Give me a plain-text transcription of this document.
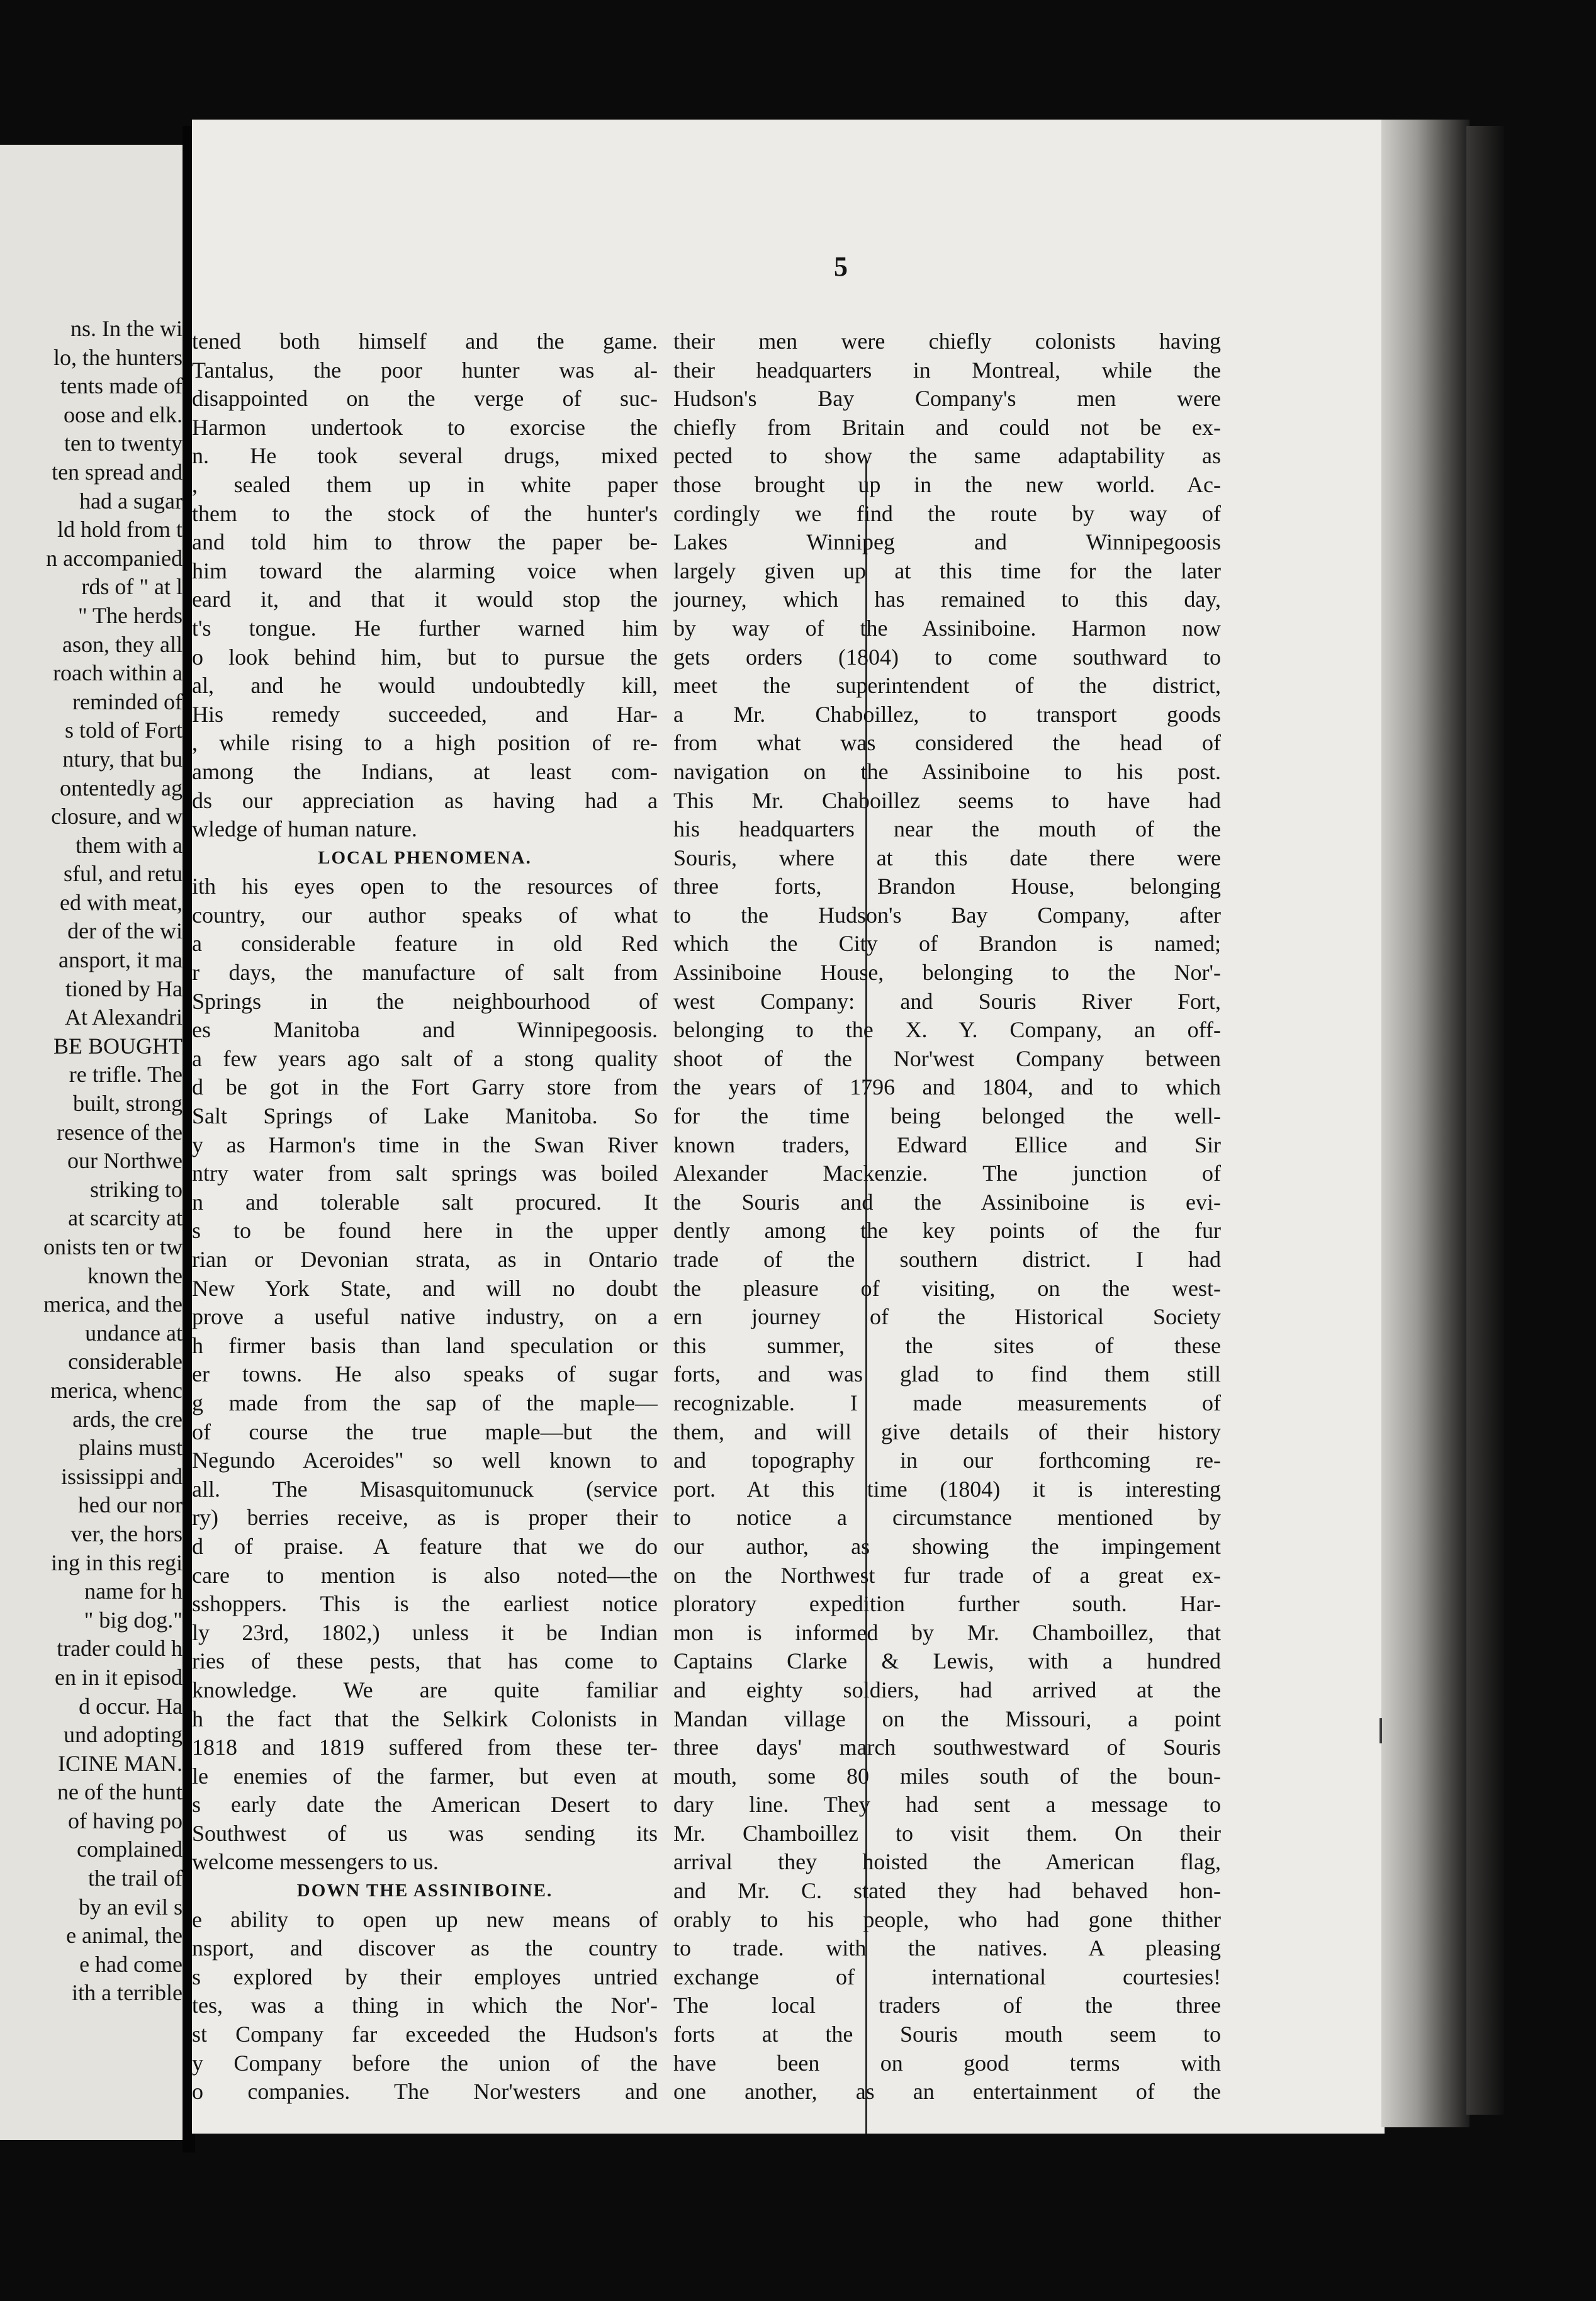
ns. In the wi
lo, the hunters
tents made of
oose and elk.
ten to twenty
ten spread and
had a sugar
ld hold from t
n accompanied
rds of " at l
" The herds
ason, they all
roach within a
reminded of
s told of Fort
ntury, that bu
ontentedly ag
closure, and w
them with a
sful, and retu
ed with meat,
der of the wi
ansport, it ma
tioned by Ha
At Alexandri
BE BOUGHT
re trifle. The
built, strong
resence of the
our Northwe
striking to
at scarcity at
onists ten or tw
known the
merica, and the
undance at
considerable
merica, whenc
ards, the cre
plains must
ississippi and
hed our nor
ver, the hors
ing in this regi
name for h
" big dog."
trader could h
en in it episod
d occur. Ha
und adopting
ICINE MAN.
ne of the hunt
of having po
complained
the trail of
by an evil s
e animal, the
e had come
ith a terrible
5
tened both himself and the game.
Tantalus, the poor hunter was al-
disappointed on the verge of suc-
Harmon undertook to exorcise the
n. He took several drugs, mixed
, sealed them up in white paper
them to the stock of the hunter's
and told him to throw the paper be-
him toward the alarming voice when
eard it, and that it would stop the
t's tongue. He further warned him
o look behind him, but to pursue the
al, and he would undoubtedly kill,
His remedy succeeded, and Har-
, while rising to a high position of re-
among the Indians, at least com-
ds our appreciation as having had a
wledge of human nature.
LOCAL PHENOMENA.
ith his eyes open to the resources of
country, our author speaks of what
a considerable feature in old Red
r days, the manufacture of salt from
Springs in the neighbourhood of
es Manitoba and Winnipegoosis.
a few years ago salt of a stong quality
d be got in the Fort Garry store from
Salt Springs of Lake Manitoba. So
y as Harmon's time in the Swan River
ntry water from salt springs was boiled
n and tolerable salt procured. It
s to be found here in the upper
rian or Devonian strata, as in Ontario
New York State, and will no doubt
prove a useful native industry, on a
h firmer basis than land speculation or
er towns. He also speaks of sugar
g made from the sap of the maple—
of course the true maple—but the
Negundo Aceroides" so well known to
all. The Misasquitomunuck (service
ry) berries receive, as is proper their
d of praise. A feature that we do
care to mention is also noted—the
sshoppers. This is the earliest notice
ly 23rd, 1802,) unless it be Indian
ries of these pests, that has come to
knowledge. We are quite familiar
h the fact that the Selkirk Colonists in
1818 and 1819 suffered from these ter-
le enemies of the farmer, but even at
s early date the American Desert to
Southwest of us was sending its
welcome messengers to us.
DOWN THE ASSINIBOINE.
e ability to open up new means of
nsport, and discover as the country
s explored by their employes untried
tes, was a thing in which the Nor'-
st Company far exceeded the Hudson's
y Company before the union of the
o companies. The Nor'westers and
their men were chiefly colonists having
their headquarters in Montreal, while the
Hudson's Bay Company's men were
chiefly from Britain and could not be ex-
pected to show the same adaptability as
those brought up in the new world. Ac-
cordingly we find the route by way of
Lakes Winnipeg and Winnipegoosis
largely given up at this time for the later
journey, which has remained to this day,
by way of the Assiniboine. Harmon now
gets orders (1804) to come southward to
meet the superintendent of the district,
a Mr. Chaboillez, to transport goods
from what was considered the head of
navigation on the Assiniboine to his post.
This Mr. Chaboillez seems to have had
his headquarters near the mouth of the
Souris, where at this date there were
three forts, Brandon House, belonging
to the Hudson's Bay Company, after
which the City of Brandon is named;
Assiniboine House, belonging to the Nor'-
west Company: and Souris River Fort,
belonging to the X. Y. Company, an off-
shoot of the Nor'west Company between
the years of 1796 and 1804, and to which
for the time being belonged the well-
known traders, Edward Ellice and Sir
Alexander Mackenzie. The junction of
the Souris and the Assiniboine is evi-
dently among the key points of the fur
trade of the southern district. I had
the pleasure of visiting, on the west-
ern journey of the Historical Society
this summer, the sites of these
forts, and was glad to find them still
recognizable. I made measurements of
them, and will give details of their history
and topography in our forthcoming re-
port. At this time (1804) it is interesting
to notice a circumstance mentioned by
our author, as showing the impingement
on the Northwest fur trade of a great ex-
ploratory expedition further south. Har-
mon is informed by Mr. Chamboillez, that
Captains Clarke & Lewis, with a hundred
and eighty soldiers, had arrived at the
Mandan village on the Missouri, a point
three days' march southwestward of Souris
mouth, some 80 miles south of the boun-
dary line. They had sent a message to
Mr. Chamboillez to visit them. On their
arrival they hoisted the American flag,
and Mr. C. stated they had behaved hon-
orably to his people, who had gone thither
to trade. with the natives. A pleasing
exchange of international courtesies!
The local traders of the three
forts at the Souris mouth seem to
have been on good terms with
one another, as an entertainment of the
